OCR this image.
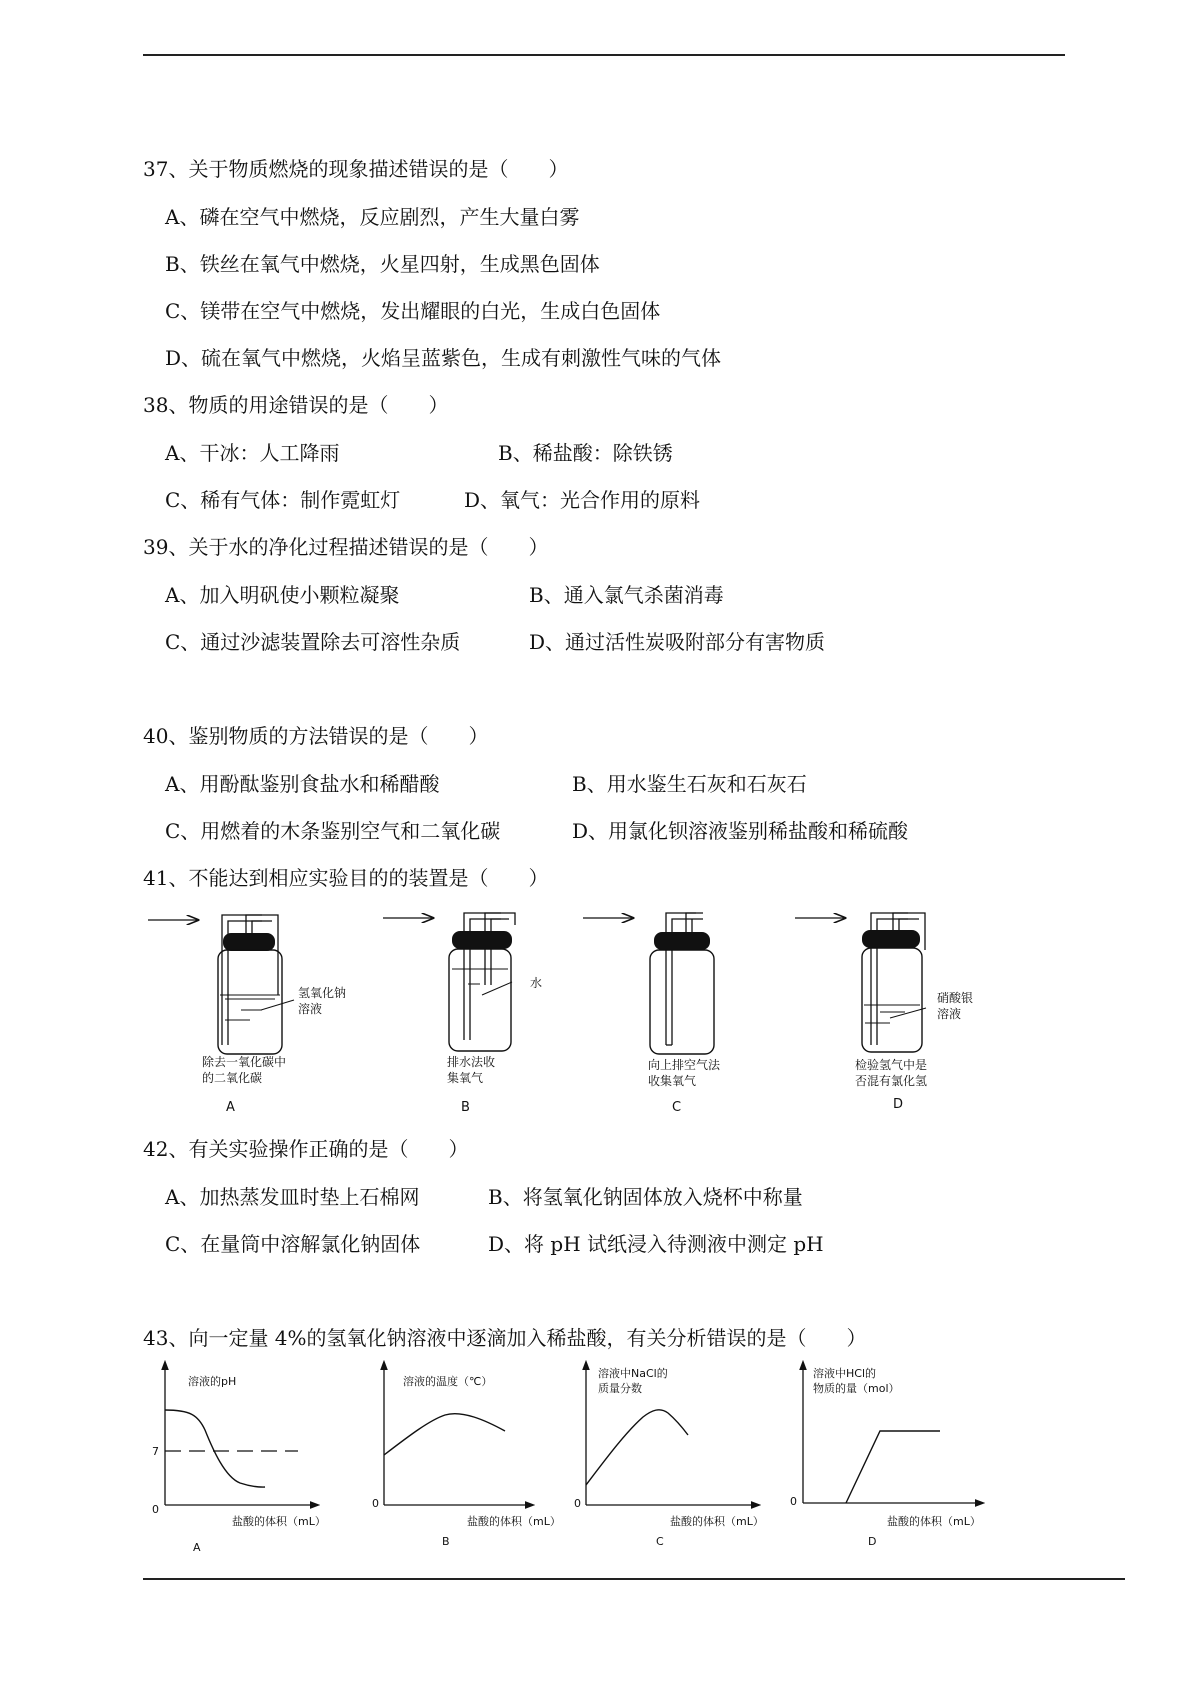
37、关于物质燃烧的现象描述错误的是（　　）
A、磷在空气中燃烧，反应剧烈，产生大量白雾
B、铁丝在氧气中燃烧，火星四射，生成黑色固体
C、镁带在空气中燃烧，发出耀眼的白光，生成白色固体
D、硫在氧气中燃烧，火焰呈蓝紫色，生成有刺激性气味的气体
38、物质的用途错误的是（　　）
A、干冰：人工降雨	B、稀盐酸：除铁锈
C、稀有气体：制作霓虹灯	D、氧气：光合作用的原料
39、关于水的净化过程描述错误的是（　　）
A、加入明矾使小颗粒凝聚	B、通入氯气杀菌消毒
C、通过沙滤装置除去可溶性杂质	D、通过活性炭吸附部分有害物质
40、鉴别物质的方法错误的是（　　）
A、用酚酞鉴别食盐水和稀醋酸	B、用水鉴生石灰和石灰石
C、用燃着的木条鉴别空气和二氧化碳	D、用氯化钡溶液鉴别稀盐酸和稀硫酸
41、不能达到相应实验目的的装置是（　　）
氢氧化钠
溶液
水
硝酸银
溶液
除去一氧化碳中
的二氧化碳
排水法收
集氧气
向上排空气法
收集氧气
检验氢气中是
否混有氯化氢
A	B	C	D
42、有关实验操作正确的是（　　）
A、加热蒸发皿时垫上石棉网	B、将氢氧化钠固体放入烧杯中称量
C、在量筒中溶解氯化钠固体	D、将 pH 试纸浸入待测液中测定 pH
43、向一定量 4%的氢氧化钠溶液中逐滴加入稀盐酸，有关分析错误的是（　　）
溶液的pH
7
0
盐酸的体积（mL）
A
溶液的温度（℃）
0
盐酸的体积（mL）
B
溶液中NaCl的
质量分数
0
盐酸的体积（mL）
C
溶液中HCl的
物质的量（mol）
0
盐酸的体积（mL）
D
